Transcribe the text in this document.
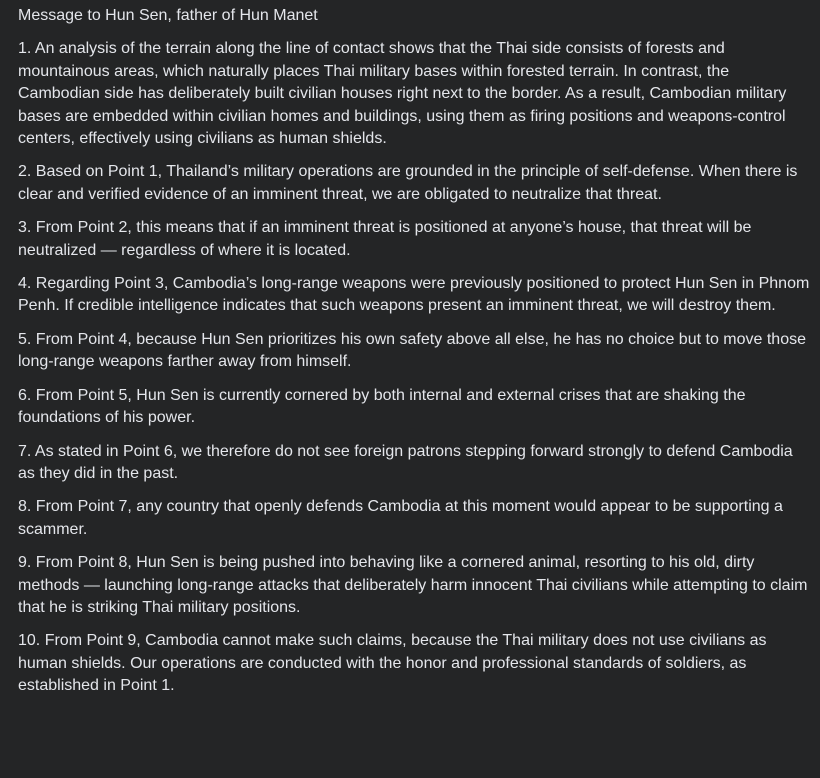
Message to Hun Sen, father of Hun Manet
1. An analysis of the terrain along the line of contact shows that the Thai side consists of forests and mountainous areas, which naturally places Thai military bases within forested terrain. In contrast, the Cambodian side has deliberately built civilian houses right next to the border. As a result, Cambodian military bases are embedded within civilian homes and buildings, using them as firing positions and weapons-control centers, effectively using civilians as human shields.
2. Based on Point 1, Thailand’s military operations are grounded in the principle of self-defense. When there is clear and verified evidence of an imminent threat, we are obligated to neutralize that threat.
3. From Point 2, this means that if an imminent threat is positioned at anyone’s house, that threat will be neutralized — regardless of where it is located.
4. Regarding Point 3, Cambodia’s long-range weapons were previously positioned to protect Hun Sen in Phnom Penh. If credible intelligence indicates that such weapons present an imminent threat, we will destroy them.
5. From Point 4, because Hun Sen prioritizes his own safety above all else, he has no choice but to move those long-range weapons farther away from himself.
6. From Point 5, Hun Sen is currently cornered by both internal and external crises that are shaking the foundations of his power.
7. As stated in Point 6, we therefore do not see foreign patrons stepping forward strongly to defend Cambodia as they did in the past.
8. From Point 7, any country that openly defends Cambodia at this moment would appear to be supporting a scammer.
9. From Point 8, Hun Sen is being pushed into behaving like a cornered animal, resorting to his old, dirty methods — launching long-range attacks that deliberately harm innocent Thai civilians while attempting to claim that he is striking Thai military positions.
10. From Point 9, Cambodia cannot make such claims, because the Thai military does not use civilians as human shields. Our operations are conducted with the honor and professional standards of soldiers, as established in Point 1.
